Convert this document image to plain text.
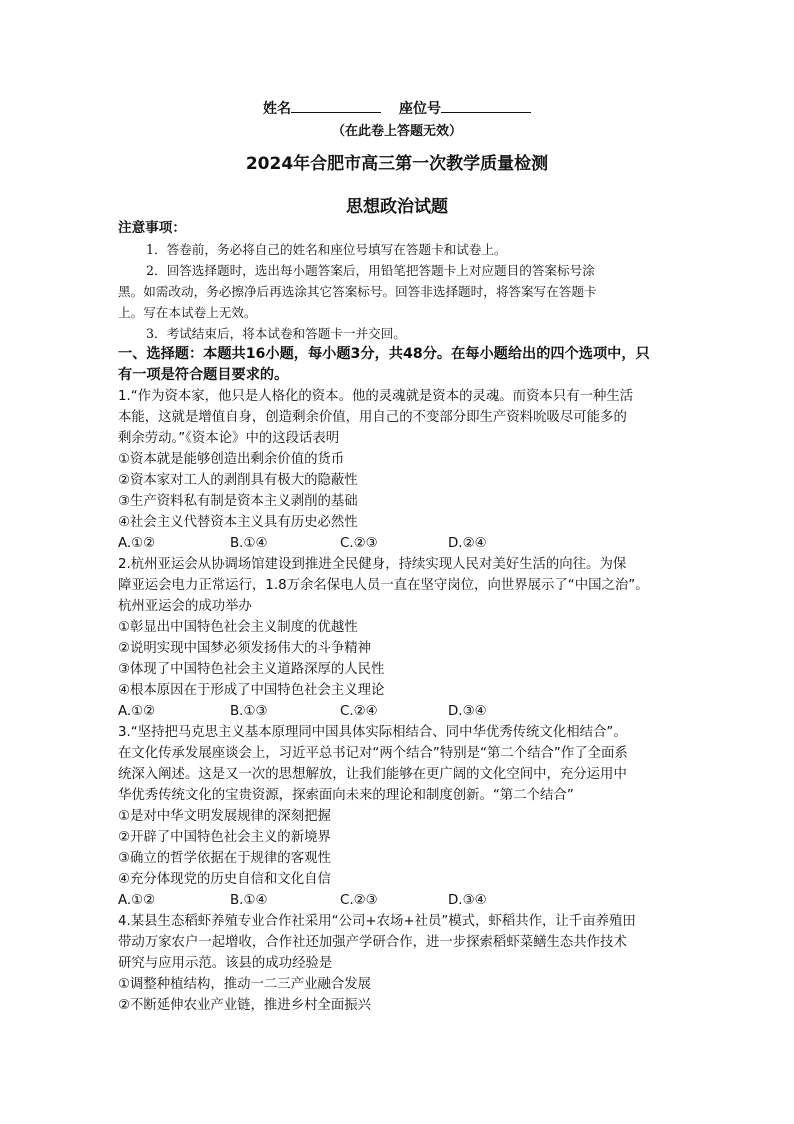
姓名	座位号
（在此卷上答题无效）
2024年合肥市高三第一次教学质量检测
思想政治试题
注意事项：
1．答卷前，务必将自己的姓名和座位号填写在答题卡和试卷上。
2．回答选择题时，选出每小题答案后，用铅笔把答题卡上对应题目的答案标号涂
黑。如需改动，务必擦净后再选涂其它答案标号。回答非选择题时，将答案写在答题卡
上。写在本试卷上无效。
3．考试结束后，将本试卷和答题卡一并交回。
一、选择题：本题共16小题，每小题3分，共48分。在每小题给出的四个选项中，只
有一项是符合题目要求的。
1.“作为资本家，他只是人格化的资本。他的灵魂就是资本的灵魂。而资本只有一种生活
本能，这就是增值自身，创造剩余价值，用自己的不变部分即生产资料吮吸尽可能多的
剩余劳动。”《资本论》中的这段话表明
①资本就是能够创造出剩余价值的货币
②资本家对工人的剥削具有极大的隐蔽性
③生产资料私有制是资本主义剥削的基础
④社会主义代替资本主义具有历史必然性
A.①②	B.①④	C.②③	D.②④
2.杭州亚运会从协调场馆建设到推进全民健身，持续实现人民对美好生活的向往。为保
障亚运会电力正常运行，1.8万余名保电人员一直在坚守岗位，向世界展示了“中国之治”。
杭州亚运会的成功举办
①彰显出中国特色社会主义制度的优越性
②说明实现中国梦必须发扬伟大的斗争精神
③体现了中国特色社会主义道路深厚的人民性
④根本原因在于形成了中国特色社会主义理论
A.①②	B.①③	C.②④	D.③④
3.“坚持把马克思主义基本原理同中国具体实际相结合、同中华优秀传统文化相结合”。
在文化传承发展座谈会上，习近平总书记对“两个结合”特别是“第二个结合”作了全面系
统深入阐述。这是又一次的思想解放，让我们能够在更广阔的文化空间中，充分运用中
华优秀传统文化的宝贵资源，探索面向未来的理论和制度创新。“第二个结合”
①是对中华文明发展规律的深刻把握
②开辟了中国特色社会主义的新境界
③确立的哲学依据在于规律的客观性
④充分体现党的历史自信和文化自信
A.①②	B.①④	C.②③	D.③④
4.某县生态稻虾养殖专业合作社采用“公司+农场+社员”模式，虾稻共作，让千亩养殖田
带动万家农户一起增收，合作社还加强产学研合作，进一步探索稻虾菜鳝生态共作技术
研究与应用示范。该县的成功经验是
①调整种植结构，推动一二三产业融合发展
②不断延伸农业产业链，推进乡村全面振兴
